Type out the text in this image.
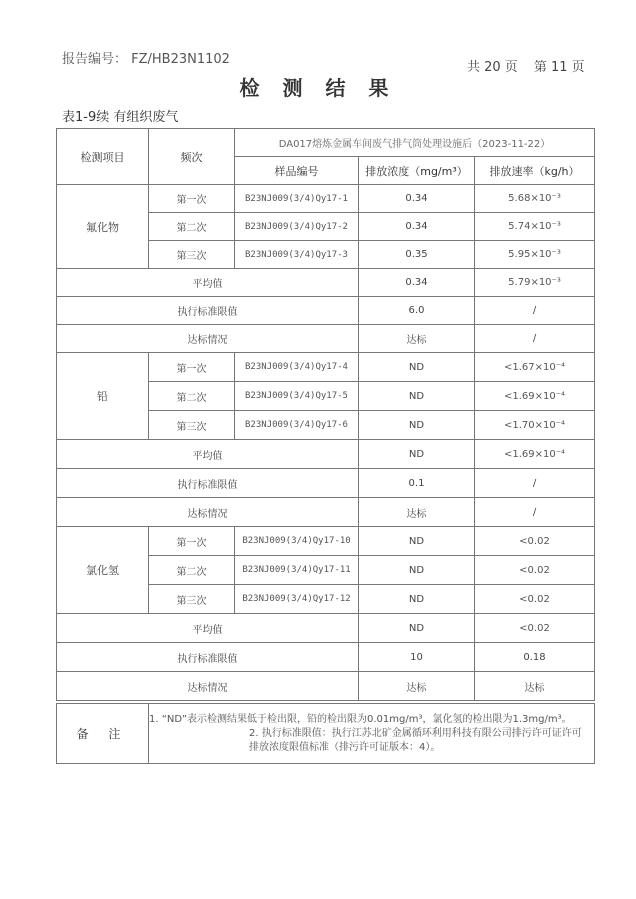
报告编号： FZ/HB23N1102
共 20 页 第 11 页
检 测 结 果
表1-9续 有组织废气
检测项目	频次	DA017熔炼金属车间废气排气筒处理设施后（2023-11-22）		
		样品编号	排放浓度（mg/m³）	排放速率（kg/h）
氟化物	第一次	B23NJ009(3/4)Qy17-1	0.34	5.68×10⁻³
	第二次	B23NJ009(3/4)Qy17-2	0.34	5.74×10⁻³
	第三次	B23NJ009(3/4)Qy17-3	0.35	5.95×10⁻³
平均值			0.34	5.79×10⁻³
执行标准限值			6.0	/
达标情况			达标	/
铅	第一次	B23NJ009(3/4)Qy17-4	ND	<1.67×10⁻⁴
	第二次	B23NJ009(3/4)Qy17-5	ND	<1.69×10⁻⁴
	第三次	B23NJ009(3/4)Qy17-6	ND	<1.70×10⁻⁴
平均值			ND	<1.69×10⁻⁴
执行标准限值			0.1	/
达标情况			达标	/
氯化氢	第一次	B23NJ009(3/4)Qy17-10	ND	<0.02
	第二次	B23NJ009(3/4)Qy17-11	ND	<0.02
	第三次	B23NJ009(3/4)Qy17-12	ND	<0.02
平均值			ND	<0.02
执行标准限值			10	0.18
达标情况			达标	达标
备 注	
1. “ND”表示检测结果低于检出限，铅的检出限为0.01mg/m³，氯化氢的检出限为1.3mg/m³。
2. 执行标准限值：执行江苏北矿金属循环利用科技有限公司排污许可证许可排放浓度限值标准（排污许可证版本：4）。
